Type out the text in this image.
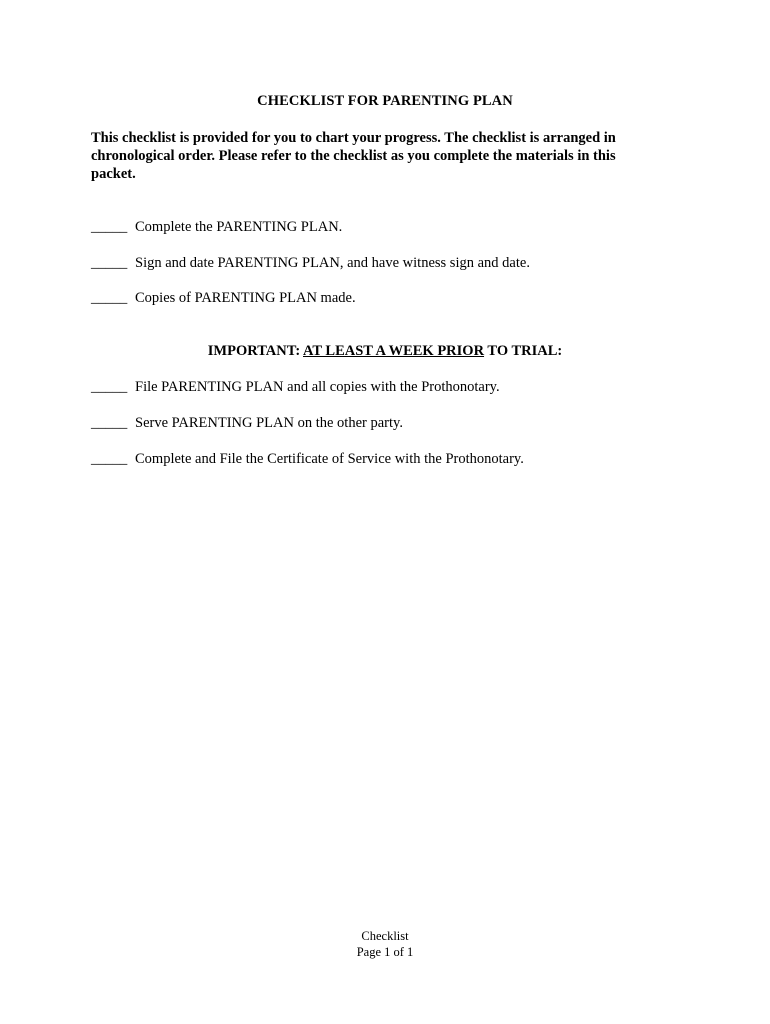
CHECKLIST FOR PARENTING PLAN
This checklist is provided for you to chart your progress. The checklist is arranged in chronological order. Please refer to the checklist as you complete the materials in this packet.
_____ Complete the PARENTING PLAN.
_____ Sign and date PARENTING PLAN, and have witness sign and date.
_____ Copies of PARENTING PLAN made.
IMPORTANT: AT LEAST A WEEK PRIOR TO TRIAL:
_____ File PARENTING PLAN and all copies with the Prothonotary.
_____ Serve PARENTING PLAN on the other party.
_____ Complete and File the Certificate of Service with the Prothonotary.
Checklist
Page 1 of 1
